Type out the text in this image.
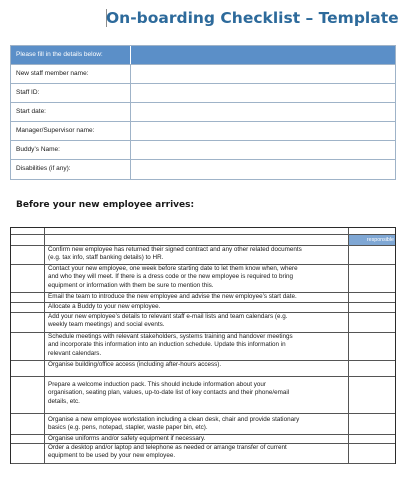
On-boarding Checklist – Template
Please fill in the details below:
New staff member name:
Staff ID:
Start date:
Manager/Supervisor name:
Buddy’s Name:
Disabilities (if any):
Before your new employee arrives:
responsible
Confirm new employee has returned their signed contract and any other related documents
(e.g. tax info, staff banking details) to HR.
Contact your new employee, one week before starting date to let them know when, where
and who they will meet. If there is a dress code or the new employee is required to bring
equipment or information with them be sure to mention this.
Email the team to introduce the new employee and advise the new employee’s start date.
Allocate a Buddy to your new employee.
Add your new employee’s details to relevant staff e-mail lists and team calendars (e.g.
weekly team meetings) and social events.
Schedule meetings with relevant stakeholders, systems training and handover meetings
and incorporate this information into an induction schedule. Update this information in
relevant calendars.
Organise building/office access (including after-hours access).
Prepare a welcome induction pack. This should include information about your
organisation, seating plan, values, up-to-date list of key contacts and their phone/email
details, etc.
Organise a new employee workstation including a clean desk, chair and provide stationary
basics (e.g. pens, notepad, stapler, waste paper bin, etc).
Organise uniforms and/or safety equipment if necessary.
Order a desktop and/or laptop and telephone as needed or arrange transfer of current
equipment to be used by your new employee.
